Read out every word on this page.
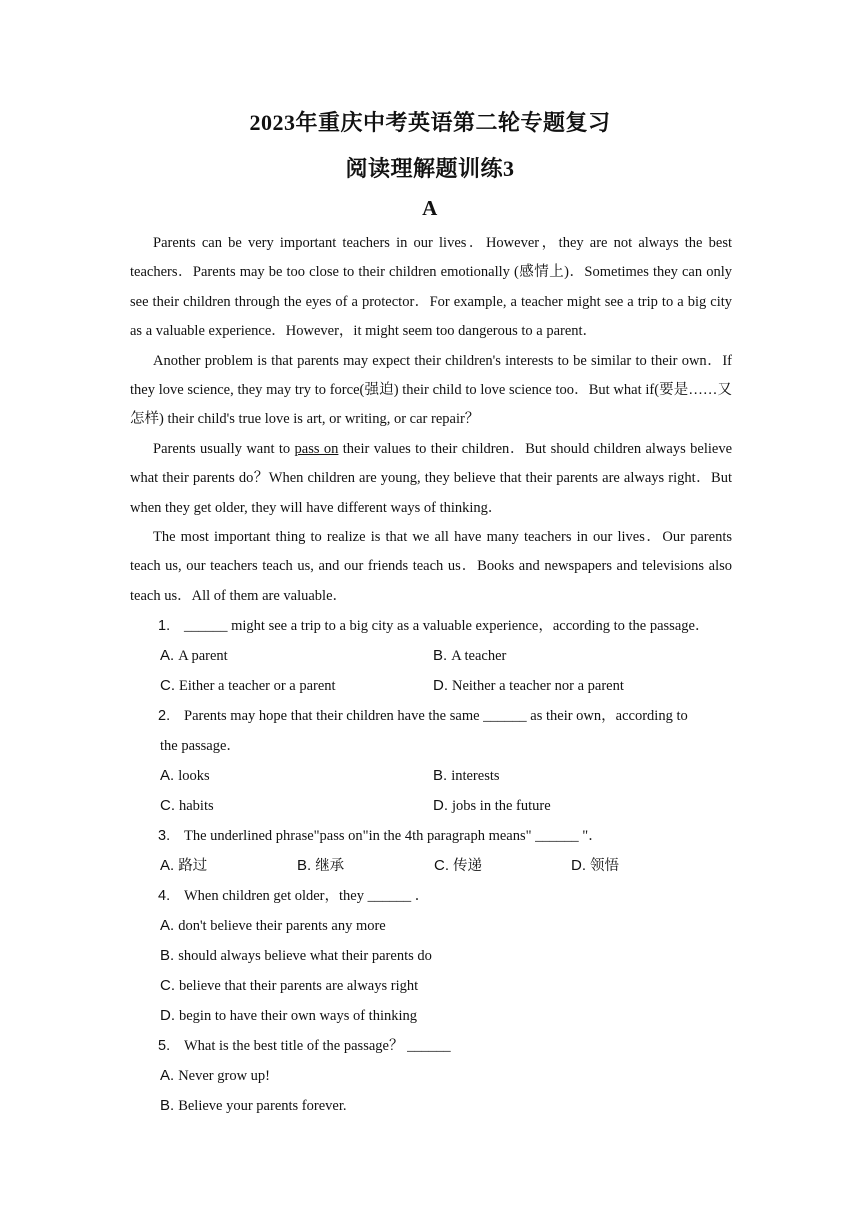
2023年重庆中考英语第二轮专题复习
阅读理解题训练3
A
Parents can be very important teachers in our lives．However，they are not always the best teachers．Parents may be too close to their children emotionally (感情上)．Sometimes they can only see their children through the eyes of a protector．For example, a teacher might see a trip to a big city as a valuable experience．However，it might seem too dangerous to a parent．
Another problem is that parents may expect their children's interests to be similar to their own．If they love science, they may try to force(强迫) their child to love science too．But what if(要是……又怎样) their child's true love is art, or writing, or car repair？
Parents usually want to pass on their values to their children．But should children always believe what their parents do？When children are young, they believe that their parents are always right．But when they get older, they will have different ways of thinking．
The most important thing to realize is that we all have many teachers in our lives．Our parents teach us, our teachers teach us, and our friends teach us．Books and newspapers and televisions also teach us．All of them are valuable．
1. ______ might see a trip to a big city as a valuable experience，according to the passage．
A. A parent	B. A teacher
C. Either a teacher or a parent	D. Neither a teacher nor a parent
2. Parents may hope that their children have the same ______ as their own，according to
the passage．
A. looks	B. interests
C. habits	D. jobs in the future
3. The underlined phrase"pass on"in the 4th paragraph means" ______ "．
A. 路过	B. 继承	C. 传递	D. 领悟
4. When children get older，they ______ ．
A. don't believe their parents any more
B. should always believe what their parents do
C. believe that their parents are always right
D. begin to have their own ways of thinking
5. What is the best title of the passage？ ______
A. Never grow up!
B. Believe your parents forever.
